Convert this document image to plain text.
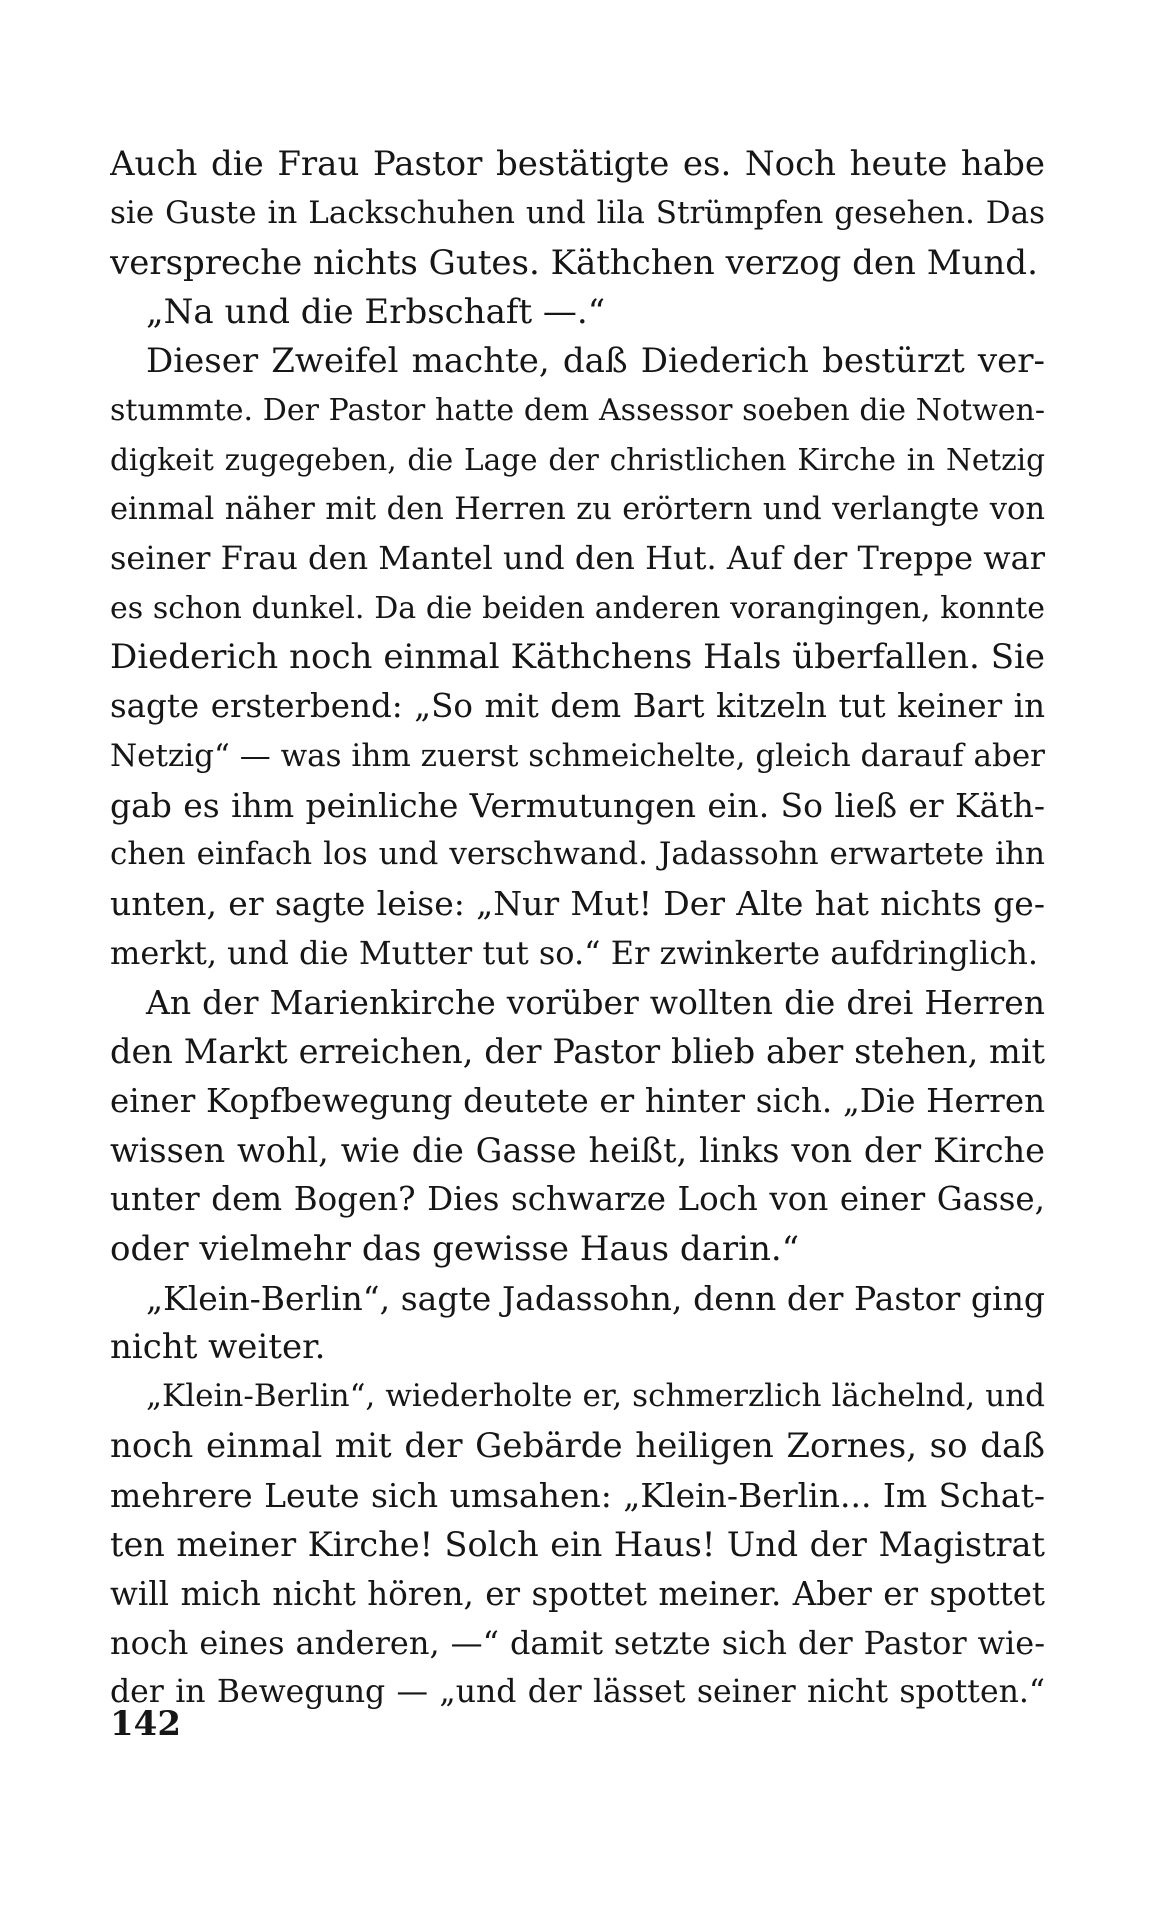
Auch die Frau Pastor bestätigte es. Noch heute habe
sie Guste in Lackschuhen und lila Strümpfen gesehen. Das
verspreche nichts Gutes. Käthchen verzog den Mund.
„Na und die Erbschaft —.“
Dieser Zweifel machte, daß Diederich bestürzt ver-
stummte. Der Pastor hatte dem Assessor soeben die Notwen-
digkeit zugegeben, die Lage der christlichen Kirche in Netzig
einmal näher mit den Herren zu erörtern und verlangte von
seiner Frau den Mantel und den Hut. Auf der Treppe war
es schon dunkel. Da die beiden anderen vorangingen, konnte
Diederich noch einmal Käthchens Hals überfallen. Sie
sagte ersterbend: „So mit dem Bart kitzeln tut keiner in
Netzig“ — was ihm zuerst schmeichelte, gleich darauf aber
gab es ihm peinliche Vermutungen ein. So ließ er Käth-
chen einfach los und verschwand. Jadassohn erwartete ihn
unten, er sagte leise: „Nur Mut! Der Alte hat nichts ge-
merkt, und die Mutter tut so.“ Er zwinkerte aufdringlich.
An der Marienkirche vorüber wollten die drei Herren
den Markt erreichen, der Pastor blieb aber stehen, mit
einer Kopfbewegung deutete er hinter sich. „Die Herren
wissen wohl, wie die Gasse heißt, links von der Kirche
unter dem Bogen? Dies schwarze Loch von einer Gasse,
oder vielmehr das gewisse Haus darin.“
„Klein-Berlin“, sagte Jadassohn, denn der Pastor ging
nicht weiter.
„Klein-Berlin“, wiederholte er, schmerzlich lächelnd, und
noch einmal mit der Gebärde heiligen Zornes, so daß
mehrere Leute sich umsahen: „Klein-Berlin... Im Schat-
ten meiner Kirche! Solch ein Haus! Und der Magistrat
will mich nicht hören, er spottet meiner. Aber er spottet
noch eines anderen, —“ damit setzte sich der Pastor wie-
der in Bewegung — „und der lässet seiner nicht spotten.“
142
